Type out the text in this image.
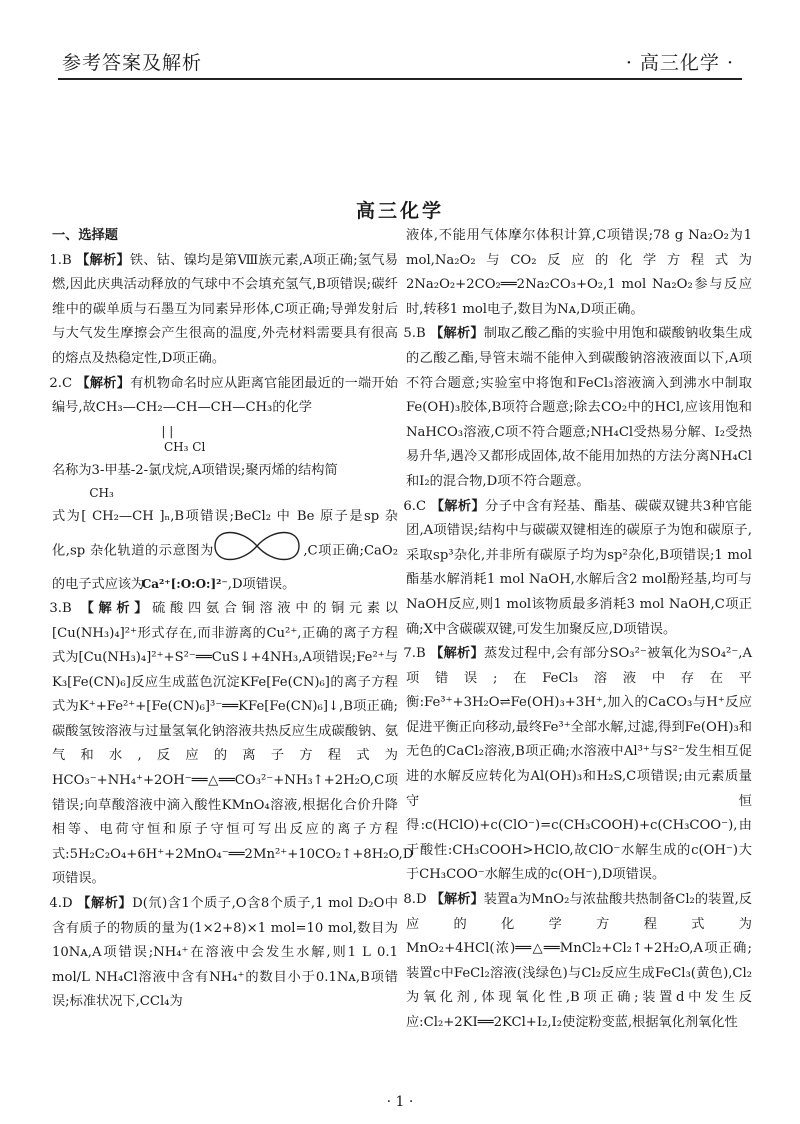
参考答案及解析	· 高三化学 ·
高三化学
一、选择题
1.B 【解析】铁、钴、镍均是第Ⅷ族元素,A项正确;氢气易燃,因此庆典活动释放的气球中不会填充氢气,B项错误;碳纤维中的碳单质与石墨互为同素异形体,C项正确;导弹发射后与大气发生摩擦会产生很高的温度,外壳材料需要具有很高的熔点及热稳定性,D项正确。
2.C 【解析】有机物命名时应从距离官能团最近的一端开始编号,故CH₃—CH₂—CH—CH—CH₃的化学
| |
CH₃ Cl
名称为3-甲基-2-氯戊烷,A项错误;聚丙烯的结构简
CH₃
式为[ CH₂—CH ]ₙ,B项错误;BeCl₂ 中 Be 原子是sp 杂化,sp 杂化轨道的示意图为	,C项正确;CaO₂ 的电子式应该为Ca²⁺[:O:O:]²⁻,D项错误。
3.B 【解析】硫酸四氨合铜溶液中的铜元素以[Cu(NH₃)₄]²⁺形式存在,而非游离的Cu²⁺,正确的离子方程式为[Cu(NH₃)₄]²⁺+S²⁻══CuS↓+4NH₃,A项错误;Fe²⁺与K₃[Fe(CN)₆]反应生成蓝色沉淀KFe[Fe(CN)₆]的离子方程式为K⁺+Fe²⁺+[Fe(CN)₆]³⁻══KFe[Fe(CN)₆]↓,B项正确;碳酸氢铵溶液与过量氢氧化钠溶液共热反应生成碳酸钠、氨气和水,反应的离子方程式为HCO₃⁻+NH₄⁺+2OH⁻══△══CO₃²⁻+NH₃↑+2H₂O,C项错误;向草酸溶液中滴入酸性KMnO₄溶液,根据化合价升降相等、电荷守恒和原子守恒可写出反应的离子方程式:5H₂C₂O₄+6H⁺+2MnO₄⁻══2Mn²⁺+10CO₂↑+8H₂O,D项错误。
4.D 【解析】D(氘)含1个质子,O含8个质子,1 mol D₂O中含有质子的物质的量为(1×2+8)×1 mol=10 mol,数目为10Nᴀ,A项错误;NH₄⁺在溶液中会发生水解,则1 L 0.1 mol/L NH₄Cl溶液中含有NH₄⁺的数目小于0.1Nᴀ,B项错误;标准状况下,CCl₄为
液体,不能用气体摩尔体积计算,C项错误;78 g Na₂O₂为1 mol,Na₂O₂与CO₂反应的化学方程式为2Na₂O₂+2CO₂══2Na₂CO₃+O₂,1 mol Na₂O₂参与反应时,转移1 mol电子,数目为Nᴀ,D项正确。
5.B 【解析】制取乙酸乙酯的实验中用饱和碳酸钠收集生成的乙酸乙酯,导管末端不能伸入到碳酸钠溶液液面以下,A项不符合题意;实验室中将饱和FeCl₃溶液滴入到沸水中制取Fe(OH)₃胶体,B项符合题意;除去CO₂中的HCl,应该用饱和NaHCO₃溶液,C项不符合题意;NH₄Cl受热易分解、I₂受热易升华,遇冷又都形成固体,故不能用加热的方法分离NH₄Cl和I₂的混合物,D项不符合题意。
6.C 【解析】分子中含有羟基、酯基、碳碳双键共3种官能团,A项错误;结构中与碳碳双键相连的碳原子为饱和碳原子,采取sp³杂化,并非所有碳原子均为sp²杂化,B项错误;1 mol酯基水解消耗1 mol NaOH,水解后含2 mol酚羟基,均可与NaOH反应,则1 mol该物质最多消耗3 mol NaOH,C项正确;X中含碳碳双键,可发生加聚反应,D项错误。
7.B 【解析】蒸发过程中,会有部分SO₃²⁻被氧化为SO₄²⁻,A项错误;在FeCl₃溶液中存在平衡:Fe³⁺+3H₂O⇌Fe(OH)₃+3H⁺,加入的CaCO₃与H⁺反应促进平衡正向移动,最终Fe³⁺全部水解,过滤,得到Fe(OH)₃和无色的CaCl₂溶液,B项正确;水溶液中Al³⁺与S²⁻发生相互促进的水解反应转化为Al(OH)₃和H₂S,C项错误;由元素质量守恒得:c(HClO)+c(ClO⁻)=c(CH₃COOH)+c(CH₃COO⁻),由于酸性:CH₃COOH>HClO,故ClO⁻水解生成的c(OH⁻)大于CH₃COO⁻水解生成的c(OH⁻),D项错误。
8.D 【解析】装置a为MnO₂与浓盐酸共热制备Cl₂的装置,反应的化学方程式为MnO₂+4HCl(浓)══△══MnCl₂+Cl₂↑+2H₂O,A项正确;装置c中FeCl₂溶液(浅绿色)与Cl₂反应生成FeCl₃(黄色),Cl₂为氧化剂,体现氧化性,B项正确;装置d中发生反应:Cl₂+2KI══2KCl+I₂,I₂使淀粉变蓝,根据氧化剂氧化性
· 1 ·
